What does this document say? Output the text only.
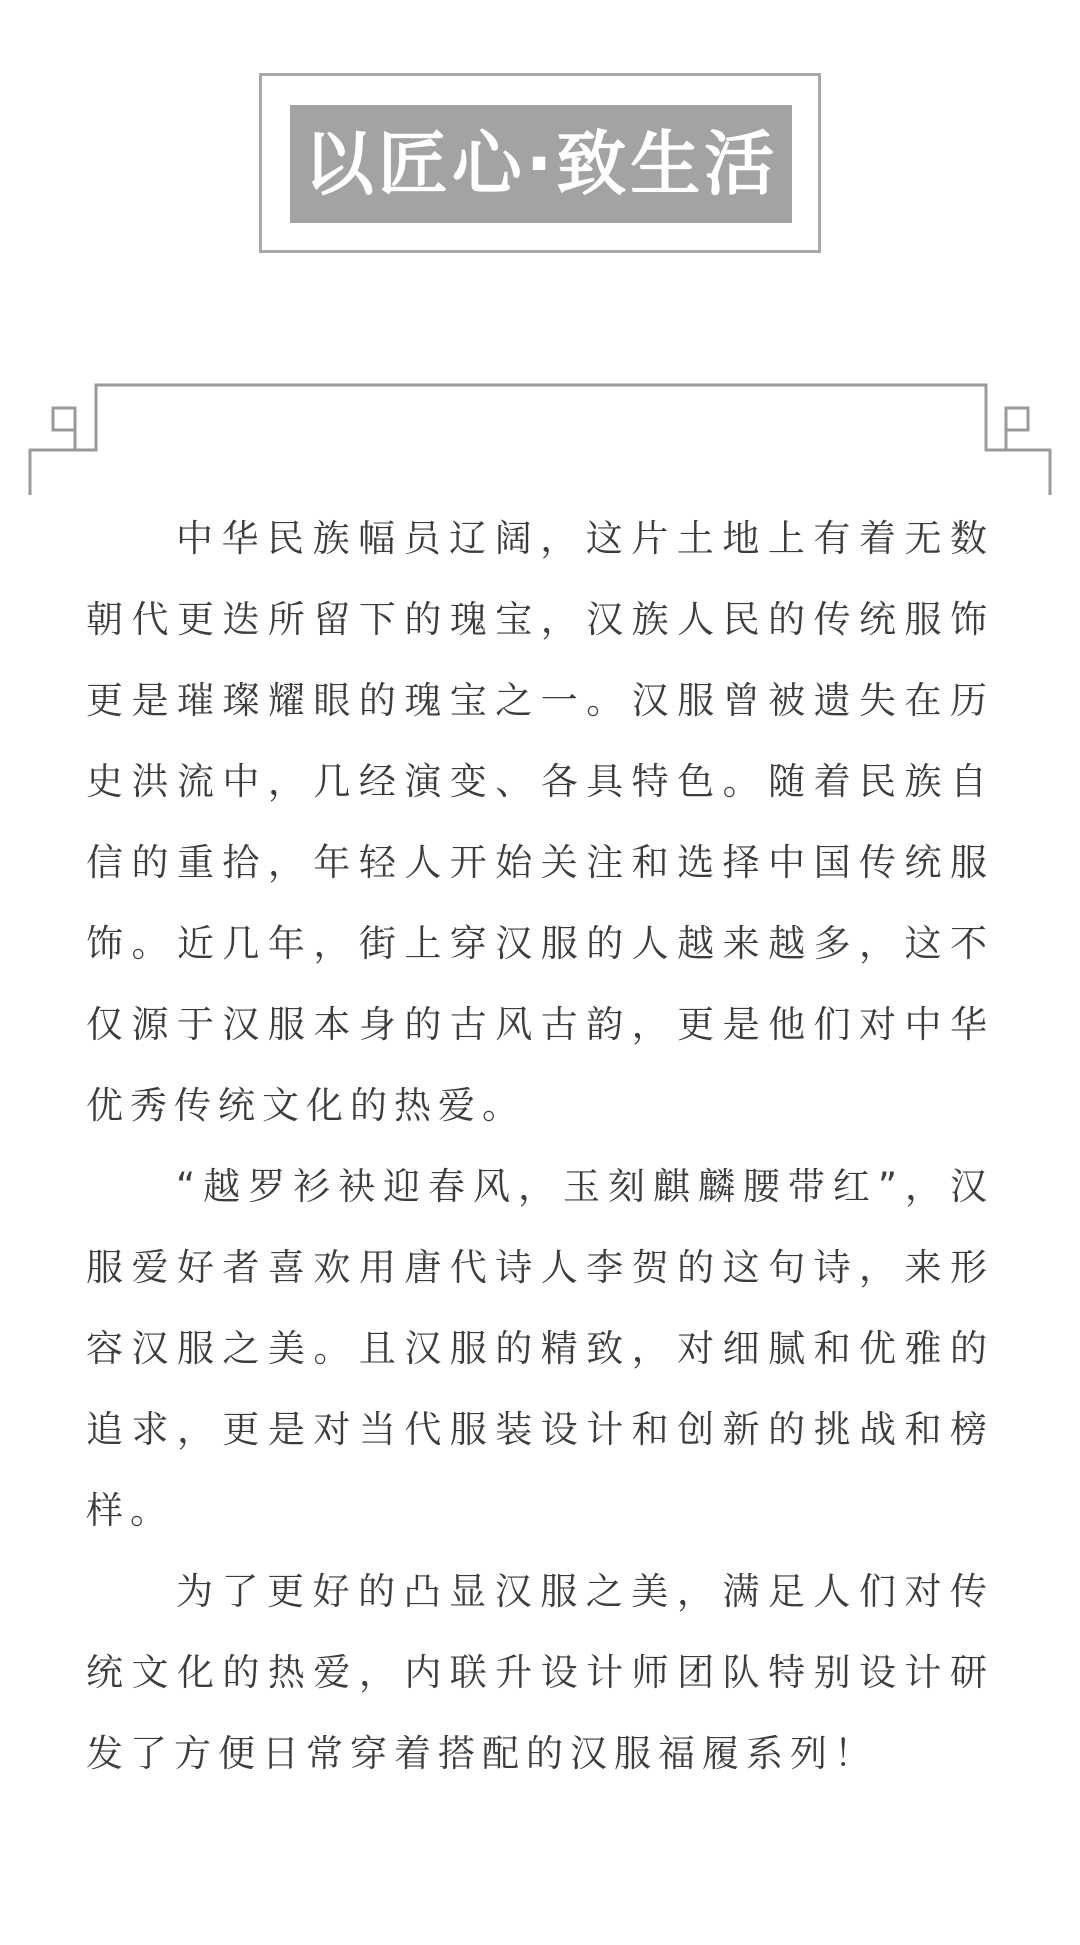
以匠心·致生活

中华民族幅员辽阔，这片土地上有着无数朝代更迭所留下的瑰宝，汉族人民的传统服饰更是璀璨耀眼的瑰宝之一。汉服曾被遗失在历史洪流中，几经演变、各具特色。随着民族自信的重拾，年轻人开始关注和选择中国传统服饰。近几年，街上穿汉服的人越来越多，这不仅源于汉服本身的古风古韵，更是他们对中华优秀传统文化的热爱。

“越罗衫袂迎春风，玉刻麒麟腰带红”，汉服爱好者喜欢用唐代诗人李贺的这句诗，来形容汉服之美。且汉服的精致，对细腻和优雅的追求，更是对当代服装设计和创新的挑战和榜样。

为了更好的凸显汉服之美，满足人们对传统文化的热爱，内联升设计师团队特别设计研发了方便日常穿着搭配的汉服福履系列！
